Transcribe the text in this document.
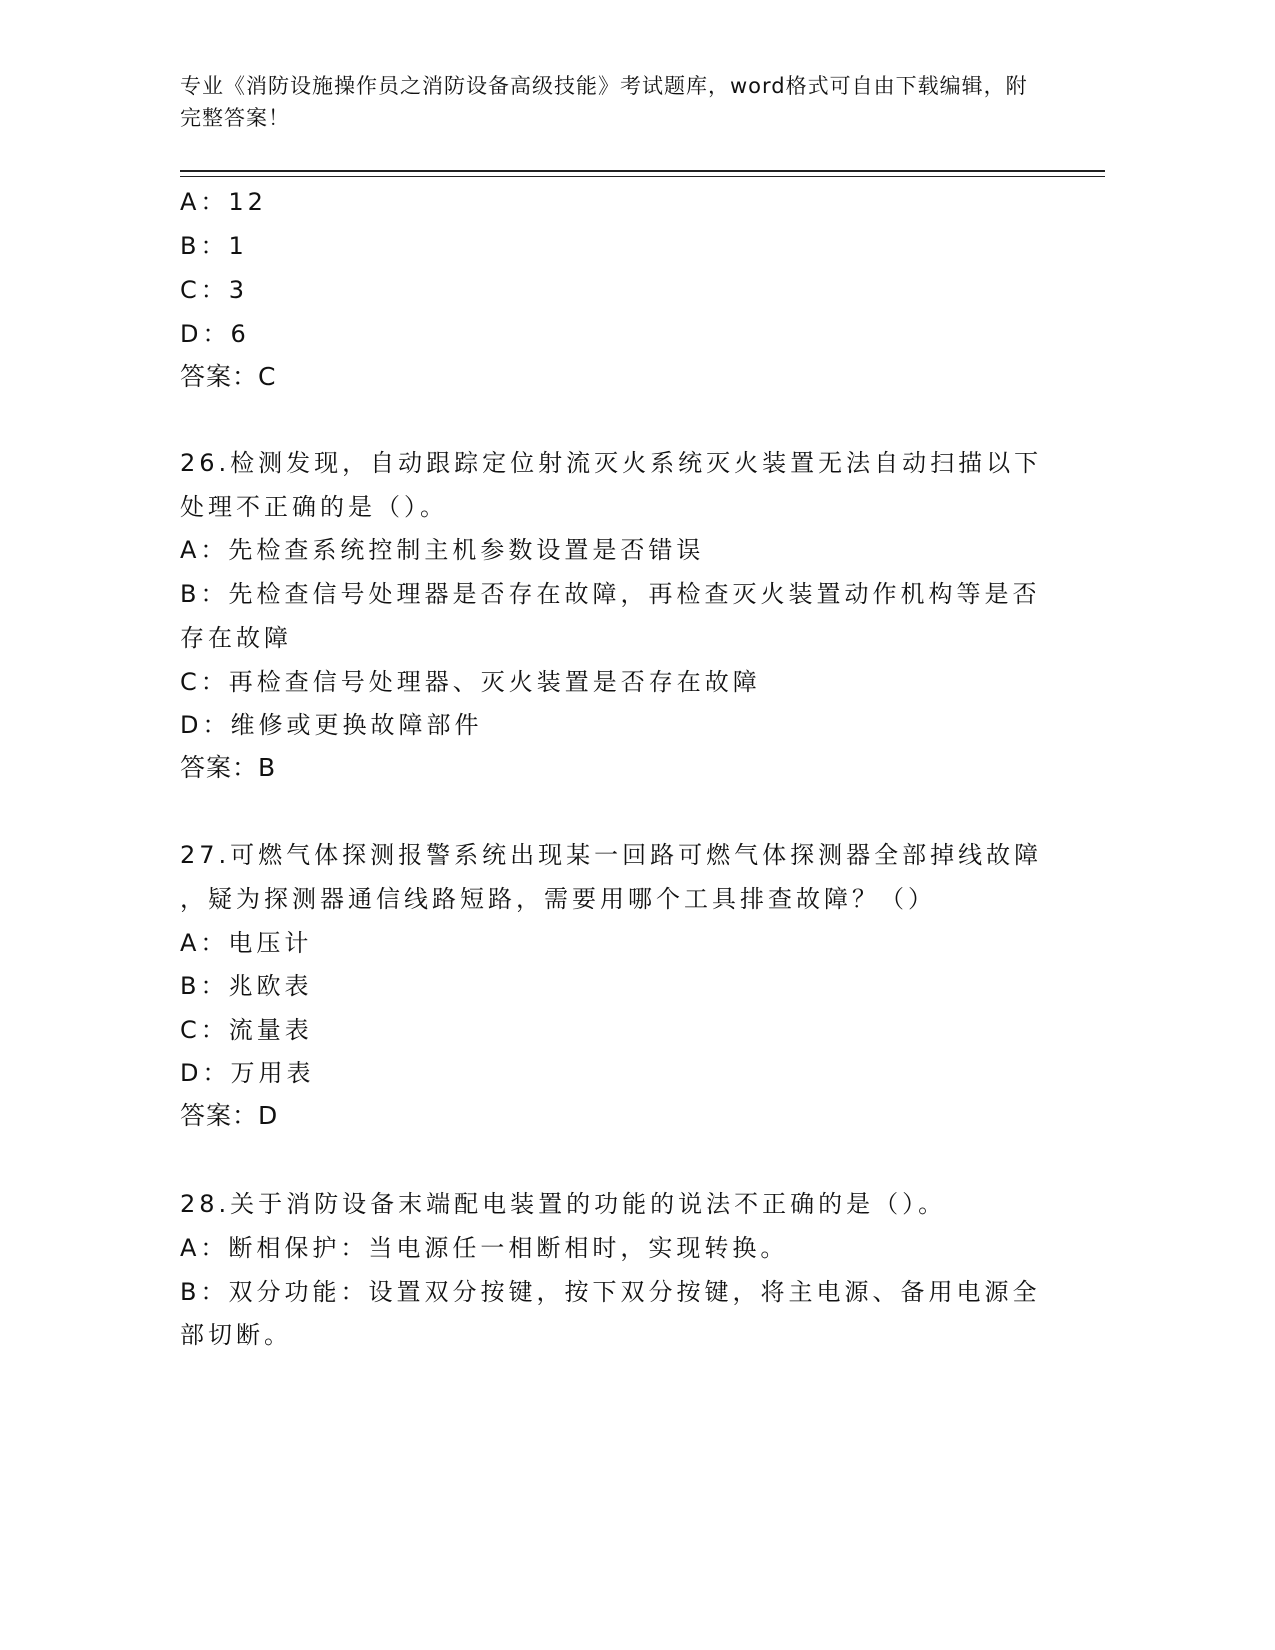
专业《消防设施操作员之消防设备高级技能》考试题库，word格式可自由下载编辑，附完整答案！
A：12
B：1
C：3
D：6
答案：C
26.检测发现，自动跟踪定位射流灭火系统灭火装置无法自动扫描以下
处理不正确的是（）。
A：先检查系统控制主机参数设置是否错误
B：先检查信号处理器是否存在故障，再检查灭火装置动作机构等是否
存在故障
C：再检查信号处理器、灭火装置是否存在故障
D：维修或更换故障部件
答案：B
27.可燃气体探测报警系统出现某一回路可燃气体探测器全部掉线故障
，疑为探测器通信线路短路，需要用哪个工具排查故障？（）
A：电压计
B：兆欧表
C：流量表
D：万用表
答案：D
28.关于消防设备末端配电装置的功能的说法不正确的是（）。
A：断相保护：当电源任一相断相时，实现转换。
B：双分功能：设置双分按键，按下双分按键，将主电源、备用电源全
部切断。
